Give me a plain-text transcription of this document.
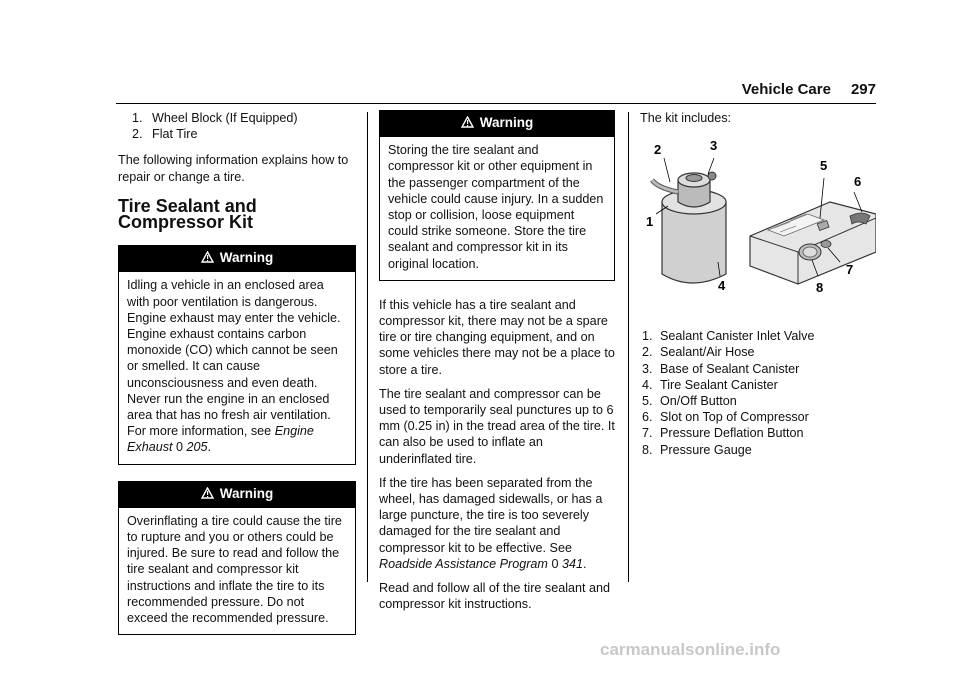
Vehicle Care 297
1. Wheel Block (If Equipped)
2. Flat Tire

The following information explains how to repair or change a tire.

Tire Sealant and Compressor Kit
Warning
Idling a vehicle in an enclosed area with poor ventilation is dangerous. Engine exhaust may enter the vehicle. Engine exhaust contains carbon monoxide (CO) which cannot be seen or smelled. It can cause unconsciousness and even death. Never run the engine in an enclosed area that has no fresh air ventilation. For more information, see Engine Exhaust 0 205.
Warning
Overinflating a tire could cause the tire to rupture and you or others could be injured. Be sure to read and follow the tire sealant and compressor kit instructions and inflate the tire to its recommended pressure. Do not exceed the recommended pressure.
Warning
Storing the tire sealant and compressor kit or other equipment in the passenger compartment of the vehicle could cause injury. In a sudden stop or collision, loose equipment could strike someone. Store the tire sealant and compressor kit in its original location.

If this vehicle has a tire sealant and compressor kit, there may not be a spare tire or tire changing equipment, and on some vehicles there may not be a place to store a tire.

The tire sealant and compressor can be used to temporarily seal punctures up to 6 mm (0.25 in) in the tread area of the tire. It can also be used to inflate an underinflated tire.

If the tire has been separated from the wheel, has damaged sidewalls, or has a large puncture, the tire is too severely damaged for the tire sealant and compressor kit to be effective. See Roadside Assistance Program 0 341.

Read and follow all of the tire sealant and compressor kit instructions.

The kit includes:

1
2	3
4
5
6
7
8
1. Sealant Canister Inlet Valve
2. Sealant/Air Hose
3. Base of Sealant Canister
4. Tire Sealant Canister
5. On/Off Button
6. Slot on Top of Compressor
7. Pressure Deflation Button
8. Pressure Gauge
carmanualsonline.info
